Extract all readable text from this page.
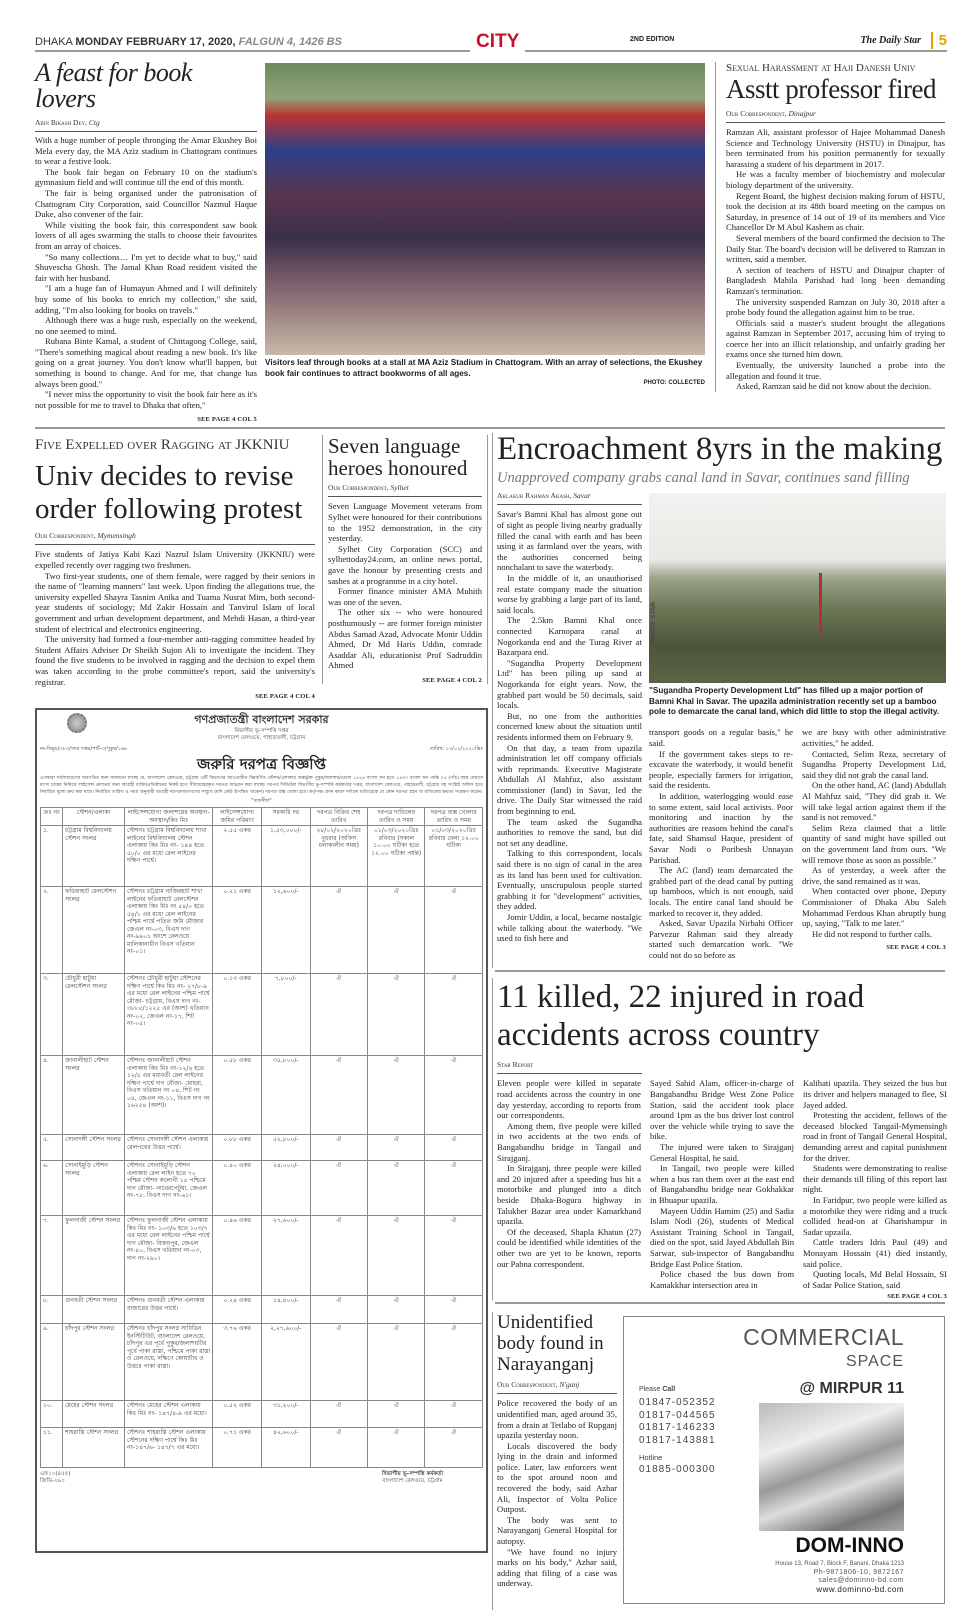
DHAKA MONDAY FEBRUARY 17, 2020, FALGUN 4, 1426 BS	CITY	2ND EDITION	The Daily Star	5
A feast for book lovers
Abin Bikash Dey, Ctg

With a huge number of people thronging the Amar Ekushey Boi Mela every day, the MA Aziz stadium in Chattogram continues to wear a festive look.

The book fair began on February 10 on the stadium's gymnasium field and will continue till the end of this month.

The fair is being organised under the patronisation of Chattogram City Corporation, said Councillor Nazmul Haque Duke, also convener of the fair.

While visiting the book fair, this correspondent saw book lovers of all ages swarming the stalls to choose their favourites from an array of choices.

"So many collections… I'm yet to decide what to buy," said Shuvescha Ghosh. The Jamal Khan Road resident visited the fair with her husband.

"I am a huge fan of Humayun Ahmed and I will definitely buy some of his books to enrich my collection," she said, adding, "I'm also looking for books on travels."

Although there was a huge rush, especially on the weekend, no one seemed to mind.

Rubana Binte Kamal, a student of Chittagong College, said, "There's something magical about reading a new book. It's like going on a great journey. You don't know what'll happen, but something is bound to change. And for me, that change has always been good."

"I never miss the opportunity to visit the book fair here as it's not possible for me to travel to Dhaka that often,"

SEE PAGE 4 COL 5
Visitors leaf through books at a stall at MA Aziz Stadium in Chattogram. With an array of selections, the Ekushey book fair continues to attract bookworms of all ages.
PHOTO: COLLECTED
Sexual Harassment at Haji Danesh Univ
Asstt professor fired
Our Correspondent, Dinajpur

Ramzan Ali, assistant professor of Hajee Mohammad Danesh Science and Technology University (HSTU) in Dinajpur, has been terminated from his position permanently for sexually harassing a student of his department in 2017.

He was a faculty member of biochemistry and molecular biology department of the university.

Regent Board, the highest decision making forum of HSTU, took the decision at its 48th board meeting on the campus on Saturday, in presence of 14 out of 19 of its members and Vice Chancellor Dr M Abul Kashem as chair.

Several members of the board confirmed the decision to The Daily Star. The board's decision will be delivered to Ramzan in written, said a member.

A section of teachers of HSTU and Dinajpur chapter of Bangladesh Mahila Parishad had long been demanding Ramzan's termination.

The university suspended Ramzan on July 30, 2018 after a probe body found the allegation against him to be true.

Officials said a master's student brought the allegations against Ramzan in September 2017, accusing him of trying to coerce her into an illicit relationship, and unfairly grading her exams once she turned him down.

Eventually, the university launched a probe into the allegation and found it true.

Asked, Ramzan said he did not know about the decision.

Five Expelled over Ragging at JKKNIU
Univ decides to revise order following protest
Our Correspondent, Mymensingh

Five students of Jatiya Kabi Kazi Nazrul Islam University (JKKNIU) were expelled recently over ragging two freshmen.

Two first-year students, one of them female, were ragged by their seniors in the name of "learning manners" last week. Upon finding the allegations true, the university expelled Shayra Tasnim Anika and Tuama Nusrat Mim, both second-year students of sociology; Md Zakir Hossain and Tanvirul Islam of local government and urban development department, and Mehdi Hasan, a third-year student of electrical and electronics engineering.

The university had formed a four-member anti-ragging committee headed by Student Affairs Adviser Dr Sheikh Sujon Ali to investigate the incident. They found the five students to be involved in ragging and the decision to expel them was taken according to the probe committee's report, said the university's registrar.

SEE PAGE 4 COL 4
Seven language heroes honoured
Our Correspondent, Sylhet

Seven Language Movement veterans from Sylhet were honoured for their contributions to the 1952 demonstration, in the city yesterday.

Sylhet City Corporation (SCC) and sylhettoday24.com, an online news portal, gave the honour by presenting crests and sashes at a programme in a city hotel.

Former finance minister AMA Muhith was one of the seven.

The other six -- who were honoured posthumously -- are former foreign minister Abdus Samad Azad, Advocate Monir Uddin Ahmed, Dr Md Haris Uddin, comrade Asaddar Ali, educationist Prof Sadruddin Ahmed

SEE PAGE 4 COL 2
Encroachment 8yrs in the making
Unapproved company grabs canal land in Savar, continues sand filling
Aklakur Rahman Akash, Savar

Savar's Bamni Khal has almost gone out of sight as people living nearby gradually filled the canal with earth and has been using it as farmland over the years, with the authorities concerned being nonchalant to save the waterbody.

In the middle of it, an unauthorised real estate company made the situation worse by grabbing a large part of its land, said locals.

The 2.5km Bamni Khal once connected Karnopara canal at Nogorkanda end and the Turag River at Bazarpara end.

"Sugandha Property Development Ltd" has been piling up sand at Nogorkanda for eight years. Now, the grabbed part would be 50 decimals, said locals.

But, no one from the authorities concerned knew about the situation until residents informed them on February 9.

On that day, a team from upazila administration let off company officials with reprimands. Executive Magistrate Abdullah Al Mahfuz, also assistant commissioner (land) in Savar, led the drive. The Daily Star witnessed the raid from beginning to end.

The team asked the Sugandha authorities to remove the sand, but did not set any deadline.

Talking to this correspondent, locals said there is no sign of canal in the area as its land has been used for cultivation. Eventually, unscrupulous people started grabbing it for "development" activities, they added.

Jomir Uddin, a local, became nostalgic while talking about the waterbody. "We used to fish here and

PHOTO: STAR
"Sugandha Property Development Ltd" has filled up a major portion of Bamni Khal in Savar. The upazila administration recently set up a bamboo pole to demarcate the canal land, which did little to stop the illegal activity.

transport goods on a regular basis," he said.

If the government takes steps to re-excavate the waterbody, it would benefit people, especially farmers for irrigation, said the residents.

In addition, waterlogging would ease to some extent, said local activists. Poor monitoring and inaction by the authorities are reasons behind the canal's fate, said Shamsul Haque, president of Savar Nodi o Poribesh Unnayan Parishad.

The AC (land) team demarcated the grabbed part of the dead canal by putting up bamboos, which is not enough, said locals. The entire canal land should be marked to recover it, they added.

Asked, Savar Upazila Nirbahi Officer Parvezur Rahman said they already started such demarcation work. "We could not do so before as

we are busy with other administrative activities," he added.

Contacted, Selim Reza, secretary of Sugandha Property Development Ltd, said they did not grab the canal land.

On the other hand, AC (land) Abdullah Al Mahfuz said, "They did grab it. We will take legal action against them if the sand is not removed."

Selim Reza claimed that a little quantity of sand might have spilled out on the government land from ours. "We will remove those as soon as possible."

As of yesterday, a week after the drive, the sand remained as it was.

When contacted over phone, Deputy Commissioner of Dhaka Abu Saleh Mohammad Ferdous Khan abruptly hung up, saying, "Talk to me later."

He did not respond to further calls.

SEE PAGE 4 COL 3
11 killed, 22 injured in road accidents across country
Star Report

Eleven people were killed in separate road accidents across the country in one day yesterday, according to reports from our correspondents.

Among them, five people were killed in two accidents at the two ends of Bangabandhu bridge in Tangail and Sirajganj.

In Sirajganj, three people were killed and 20 injured after a speeding bus hit a motorbike and plunged into a ditch beside Dhaka-Bogura highway in Talukber Bazar area under Kamarkhand upazila.

Of the deceased, Shapla Khatun (27) could be identified while identities of the other two are yet to be known, reports our Pabna correspondent.

Sayed Sahid Alam, officer-in-charge of Bangabandhu Bridge West Zone Police Station, said the accident took place around 1pm as the bus driver lost control over the vehicle while trying to save the bike.

The injured were taken to Sirajganj General Hospital, he said.

In Tangail, two people were killed when a bus ran them over at the east end of Bangabandhu bridge near Gokhakkar in Bhuapur upazila.

Mayeen Uddin Hamim (25) and Sadia Islam Nodi (26), students of Medical Assistant Training School in Tangail, died on the spot, said Jayed Abdullah Bin Sarwar, sub-inspector of Bangabandhu Bridge East Police Station.

Police chased the bus down from Kamakkhar intersection area in

Kalihati upazila. They seized the bus but its driver and helpers managed to flee, SI Jayed added.

Protesting the accident, fellows of the deceased blocked Tangail-Mymensingh road in front of Tangail General Hospital, demanding arrest and capital punishment for the driver.

Students were demonstrating to realise their demands till filing of this report last night.

In Faridpur, two people were killed as a motorbike they were riding and a truck collided head-on at Gharishampur in Sadar upzaila.

Cattle traders Idris Paul (49) and Monayam Hossain (41) died instantly, said police.

Quoting locals, Md Belal Hossain, SI of Sadar Police Station, said

SEE PAGE 4 COL 3
Unidentified body found in Narayanganj
Our Correspondent, N'ganj

Police recovered the body of an unidentified man, aged around 35, from a drain at Tetlabo of Rupganj upazila yesterday noon.

Locals discovered the body lying in the drain and informed police. Later, law enforcers went to the spot around noon and recovered the body, said Azhar Ali, Inspector of Volta Police Outpost.

The body was sent to Narayanganj General Hospital for autopsy.

"We have found no injury marks on his body," Azhar said, adding that filing of a case was underway.

COMMERCIAL
SPACE
@ MIRPUR 11
Please Call
01847-052352
01817-044565
01817-146233
01817-143881
Hotline
01885-000300
DOM-INNO
House 13, Road 7, Block F, Banani, Dhaka 1213
Ph-9871806-10, 9872167
sales@dominno-bd.com
www.dominno-bd.com
গণপ্রজাতন্ত্রী বাংলাদেশ সরকার
বিভাগীয় ভূ-সম্পত্তি দপ্তর
বাংলাদেশ রেলওয়ে, পাহাড়তলী, চট্টগ্রাম
নং-বিভূচ/৩৮৩/সদর দপ্তর/পার্ট-৩/পুকুর/১৬৮	তারিখ: ১৩/০২/২০২০খ্রিঃ
জরুরি দরপত্র বিজ্ঞপ্তি
এতদ্বারা সর্বসাধারণের অবগতির জন্য জানানো যাচ্ছে যে, বাংলাদেশ রেলওয়ে, চট্টগ্রাম এর্টি বিভাগের আওতাধীন নিম্নবর্ণিত স্টেশন/এলাকার অন্তর্ভুক্ত পুকুর/জলাশয়/ডোবা ১৪২৬ বাংলা সন হতে ১৪৩০ বাংলা সন পর্যন্ত ০৫ (পাঁচ) বছর মেয়াদে মৎস্য চাষের নিমিত্তে লাইসেন্স প্রদানের জন্য আগ্রহী ব্যক্তি/প্রতিষ্ঠানের নিকট হতে সীলমোহরকৃত দরপত্র আহ্বান করা যাচ্ছে। দরপত্র সিডিউল বিভাগীয় ভূ-সম্পত্তি কর্মকর্তার দপ্তর, বাংলাদেশ রেলওয়ে, পাহাড়তলী, চট্টগ্রাম সহ সংশ্লিষ্ট অফিস হতে নির্ধারিত মূল্যে ক্রয় করা যাবে। নির্ধারিত তারিখ ও সময় অনুযায়ী আগ্রহী দরপত্রদাতাগণের সম্মুখে (যদি কেউ উপস্থিত থাকেন) দরপত্র বাক্স খোলা হবে। কর্তৃপক্ষ কোন কারণ দর্শানো ব্যতিরেকে যে কোন দরপত্র গ্রহণ বা বাতিলের ক্ষমতা সংরক্ষণ করেন।
"তফসীল"
ক্রঃ নং	স্টেশন/এলাকা	লাইসেন্সযোগ্য জলাশয়ের অবস্থান-অবস্থান/কিঃ মিঃ	লাইসেন্সযোগ্য জমির পরিমাণ	সরকারি দর	দরপত্র বিক্রির শেষ তারিখ	দরপত্র দাখিলের তারিখ ও সময়	দরপত্র বাক্স খোলার তারিখ ও সময়
১.	চট্টগ্রাম বিশ্ববিদ্যালয় স্টেশন সংলগ্ন	স্টেশনঃ চট্টগ্রাম বিশ্ববিদ্যালয় শাখা লাইনের বিশ্ববিদ্যালয় স্টেশন এলাকায় কিঃ মিঃ নং- ১৯৪ হতে ৫০/০ এর মধ্যে রেল লাইনের দক্ষিণ পার্শ্বে।	২.৫৫ একর	১,৫৩,০০০/-	২৮/০২/২০২০খ্রিঃ বুধবার (অফিস চলাকালীন সময়)	০১/০৩/২০২০খ্রিঃ রবিবার (সকাল ১০.০০ ঘটিকা হতে ১২.০০ ঘটিকা পর্যন্ত)	০১/০৩/২০২০খ্রিঃ রবিবার বেলা ১২.০০ ঘটিকা
২.	ফতিয়াহাট রেলস্টেশন সংলগ্ন	স্টেশনঃ চট্টগ্রাম নাজিরহাট শাখা লাইনের ফতিয়াহাট রেলস্টেশন এলাকায় কিঃ মিঃ নং ৫৪/০ হতে ৫৪/১ এর মধ্যে রেল লাইনের পশ্চিম পার্শ্বে পতিত জমি মৌজার জেএল নং-০৩, বিএস দাগ নং-৯৯০১ অংশে রেলওয়ে মালিকানাধীন বিএস খতিয়ান নং-০১।	০.২১ একর	১২,৬০০/-	ঐ	ঐ	ঐ
৩.	চৌধুরী হাটুয়া রেলস্টেশন সংলগ্ন	স্টেশনঃ চৌধুরী হাটুয়া স্টেশনের দক্ষিণ পার্শ্বে কিঃ মিঃ নং- ২৭/৮-৯ এর মধ্যে রেল লাইনের পশ্চিম পার্শ্বে মৌজা- চট্টগ্রাম, বিএস দাগ নং- ৩৮৮৫/১২২৫ এর (অংশ) খতিয়ান নং-০২, জেএল নং-১৭, শিট নং-০৫।	০.১৩ একর	৭,৮০০/-	ঐ	ঐ	ঐ
৪.	জানালীহাট স্টেশন সংলগ্ন	স্টেশনঃ জানালীহাট স্টেশন এলাকায় কিঃ মিঃ নং-১২/৪ হতে ১২/৫ এর মধ্যবর্তী রেল লাইনের দক্ষিণ পার্শ্বে দাগ মৌজা- মোহরা, বিএস খতিয়ান নং ০৪, শিট নং ০৪, জেএল নং-১১, বিএস দাগ নং ১৬২৫৪ (অংশ)।	০.৫৮ একর	৩৫,৮০০/-	ঐ	ঐ	ঐ
৫.	সোনাদঙ্গী স্টেশন সংলগ্ন	স্টেশনঃ সোনাদঙ্গী স্টেশন এলাকায় রেলপথের উত্তর পার্শ্বে।	০.৮৮ একর	৫২,৮০০/-	ঐ	ঐ	ঐ
৬.	সোনাইমুড়ি স্টেশন সংলগ্ন	স্টেশনঃ সোনাইমুড়ি স্টেশন এলাকায় রেল লাইন হতে ৭০ পশ্চিম স্টেশন কলোনী ১৫ পশ্চিমে দাগ মৌজা- নাথেরপেটুয়া, জেএল নং-৭৮, বিএস দাগ নং-৬১।	০.৪০ একর	২৪,০০০/-	ঐ	ঐ	ঐ
৭.	ফুলগাজী স্টেশন সংলগ্ন	স্টেশনঃ ফুলগাজী স্টেশন এলাকায় কিঃ মিঃ নং- ১০৩/৬ হতে ১০৩/৭ এর মধ্যে রেল লাইনের পশ্চিম পার্শ্বে দাগ মৌজা- বিজয়পুর, জেএল নং-৪০, বিএস খতিয়ান নং-০৩, দাগ নং-২৯০।	০.৪৬ একর	২৭,৬০০/-	ঐ	ঐ	ঐ
৮.	গুনবতী স্টেশন সংলগ্ন	স্টেশনঃ গুনবতী স্টেশন এলাকায় বাজারের উত্তর পার্শ্বে।	০.২৪ একর	১৪,৪০০/-	ঐ	ঐ	ঐ
৯.	চাঁদপুর স্টেশন সংলগ্ন	স্টেশনঃ চাঁদপুর সংলগ্ন সাবিডিন ইনস্টিটিউট, বাংলাদেশ রেলওয়ে, চাঁদপুর এর পূর্বে পুকুর/জলাশয়টির পূর্বে পাকা রাস্তা, পশ্চিমে পাকা রাস্তা ও রেলওয়ে, দক্ষিণে কোয়ার্টার ও উত্তরে পাকা রাস্তা।	৩.৭৬ একর	২,২৭,৬০০/-	ঐ	ঐ	ঐ
১০.	মেহের স্টেশন সংলগ্ন	স্টেশনঃ মেহের স্টেশন এলাকায় কিঃ মিঃ নং- ১৪৭/৪-৯ এর মধ্যে।	০.৫২ একর	৩১,২০০/-	ঐ	ঐ	ঐ
১১.	শাহরাস্তি স্টেশন সংলগ্ন	স্টেশনঃ শাহরাস্তি স্টেশন এলাকায় স্টেশনের দক্ষিণ পার্শ্বে কিঃ মিঃ নং-১৪৭/৬- ১৪৭/৭ এর মধ্যে।	০.৭১ একর	৪২,৬০০/-	ঐ	ঐ	ঐ
এফ১০(৪৫৫)
জিডি-২৯০
বিভাগীয় ভূ-সম্পত্তি কর্মকর্তা
বাংলাদেশ রেলওয়ে, চট্টগ্রাম
